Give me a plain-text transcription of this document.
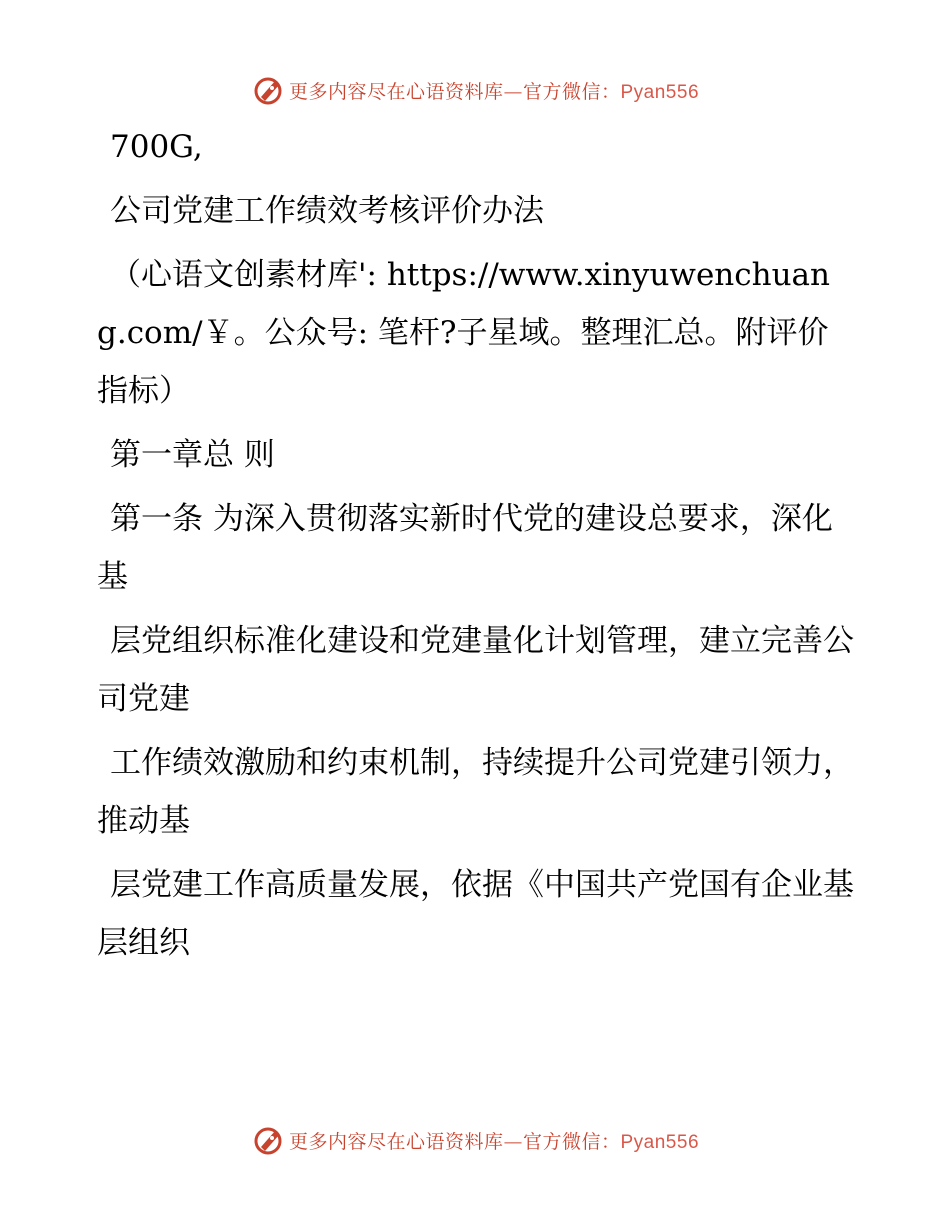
更多内容尽在心语资料库—官方微信：Pyan556

700G,

公司党建工作绩效考核评价办法

（心语文创素材库': https://www.xinyuwenchuang.com/￥。公众号: 笔杆?子星域。整理汇总。附评价指标）

第一章总 则

第一条 为深入贯彻落实新时代党的建设总要求，深化基

层党组织标准化建设和党建量化计划管理，建立完善公司党建

工作绩效激励和约束机制，持续提升公司党建引领力，推动基

层党建工作高质量发展，依据《中国共产党国有企业基层组织

更多内容尽在心语资料库—官方微信：Pyan556
